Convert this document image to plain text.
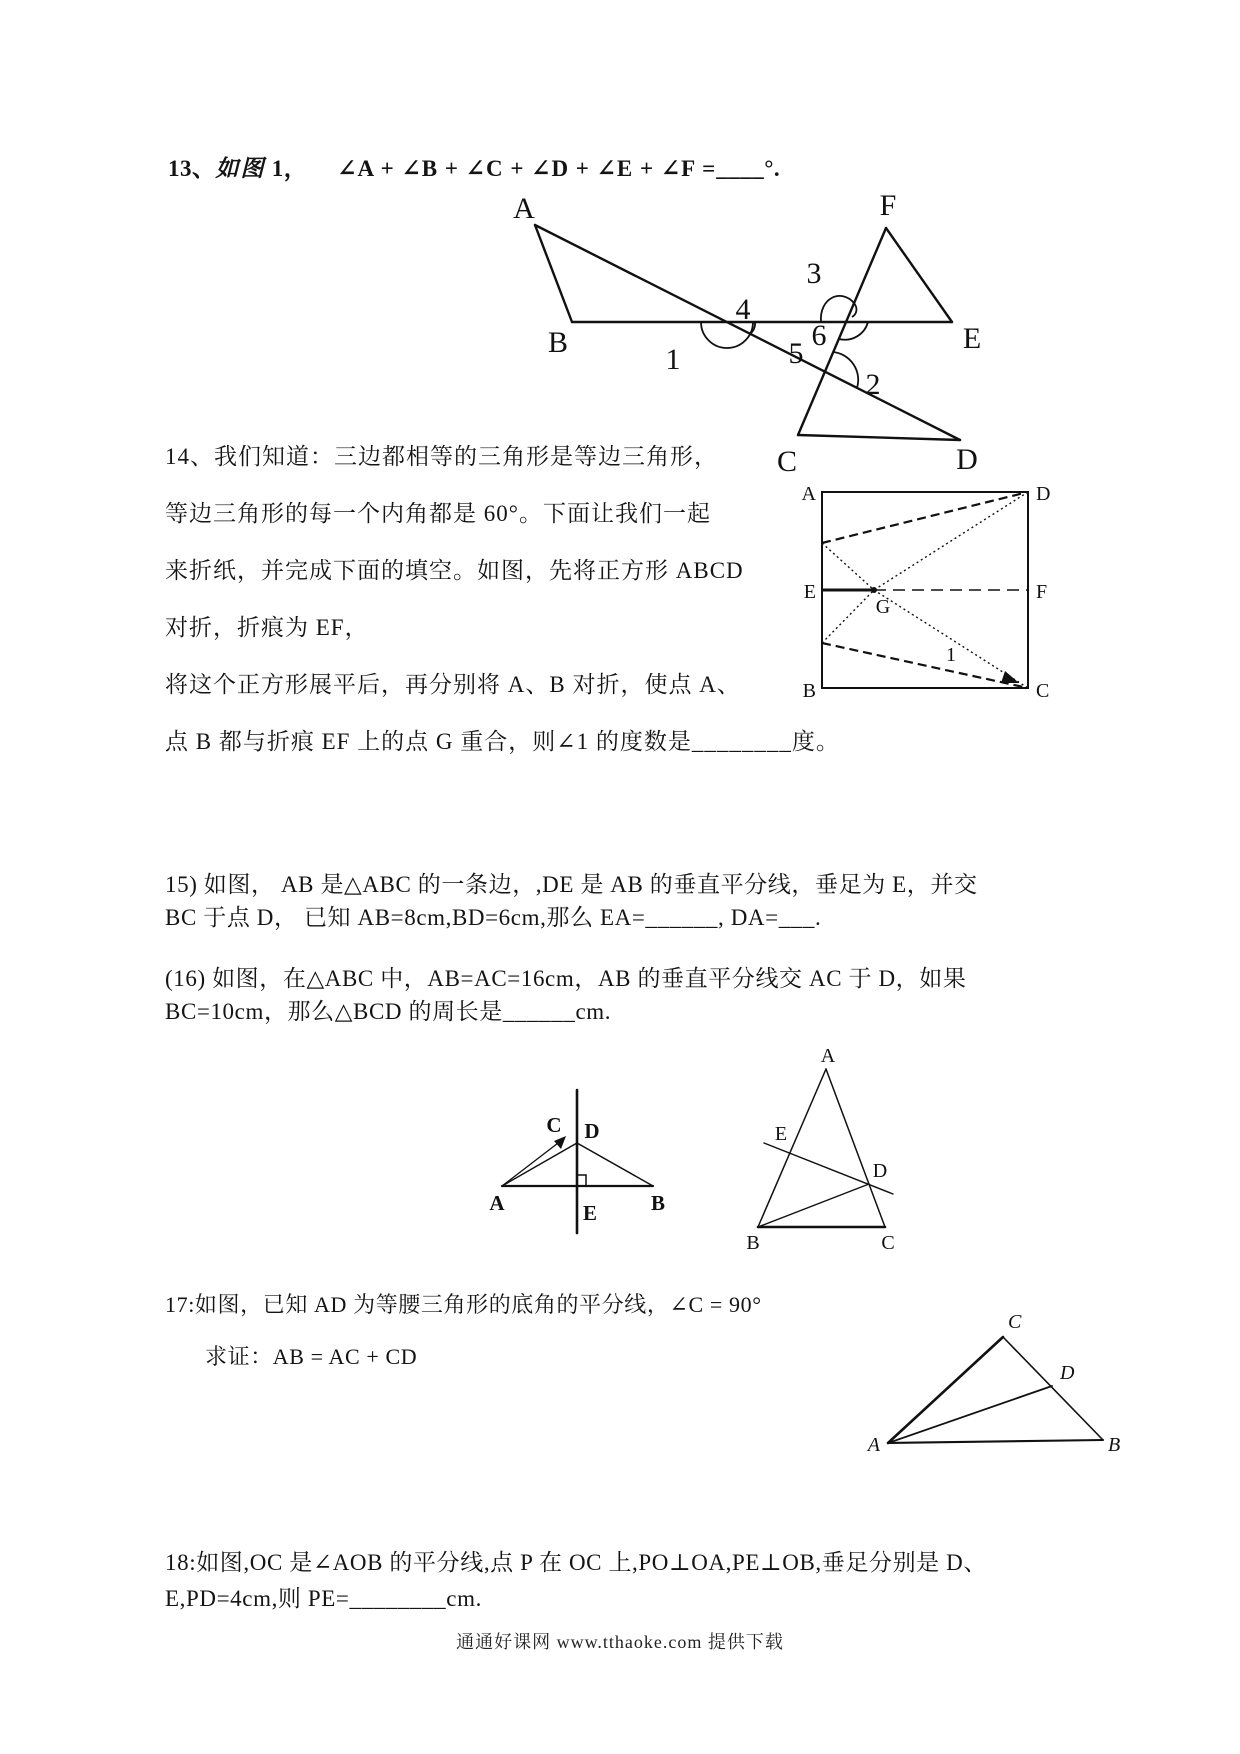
13、如图 1， ∠A + ∠B + ∠C + ∠D + ∠E + ∠F =____°.
A	F
B	E
C	D
1
4
3
6
5
2
14、我们知道：三边都相等的三角形是等边三角形，
等边三角形的每一个内角都是 60°。下面让我们一起
来折纸，并完成下面的填空。如图，先将正方形 ABCD
对折，折痕为 EF，
将这个正方形展平后，再分别将 A、B 对折，使点 A、
点 B 都与折痕 EF 上的点 G 重合，则∠1 的度数是________度。
A	D
E	F
B	C
G
1
15) 如图， AB 是△ABC 的一条边，,DE 是 AB 的垂直平分线，垂足为 E，并交
BC 于点 D， 已知 AB=8cm,BD=6cm,那么 EA=______, DA=___.
(16) 如图，在△ABC 中，AB=AC=16cm，AB 的垂直平分线交 AC 于 D，如果
BC=10cm，那么△BCD 的周长是______cm.
A	B
C D
E
A
E
D
B	C
17:如图，已知 AD 为等腰三角形的底角的平分线，∠C = 90°
求证：AB = AC + CD
A
C
D
B
18:如图,OC 是∠AOB 的平分线,点 P 在 OC 上,PO⊥OA,PE⊥OB,垂足分别是 D、
E,PD=4cm,则 PE=________cm.
通通好课网 www.tthaoke.com 提供下载
